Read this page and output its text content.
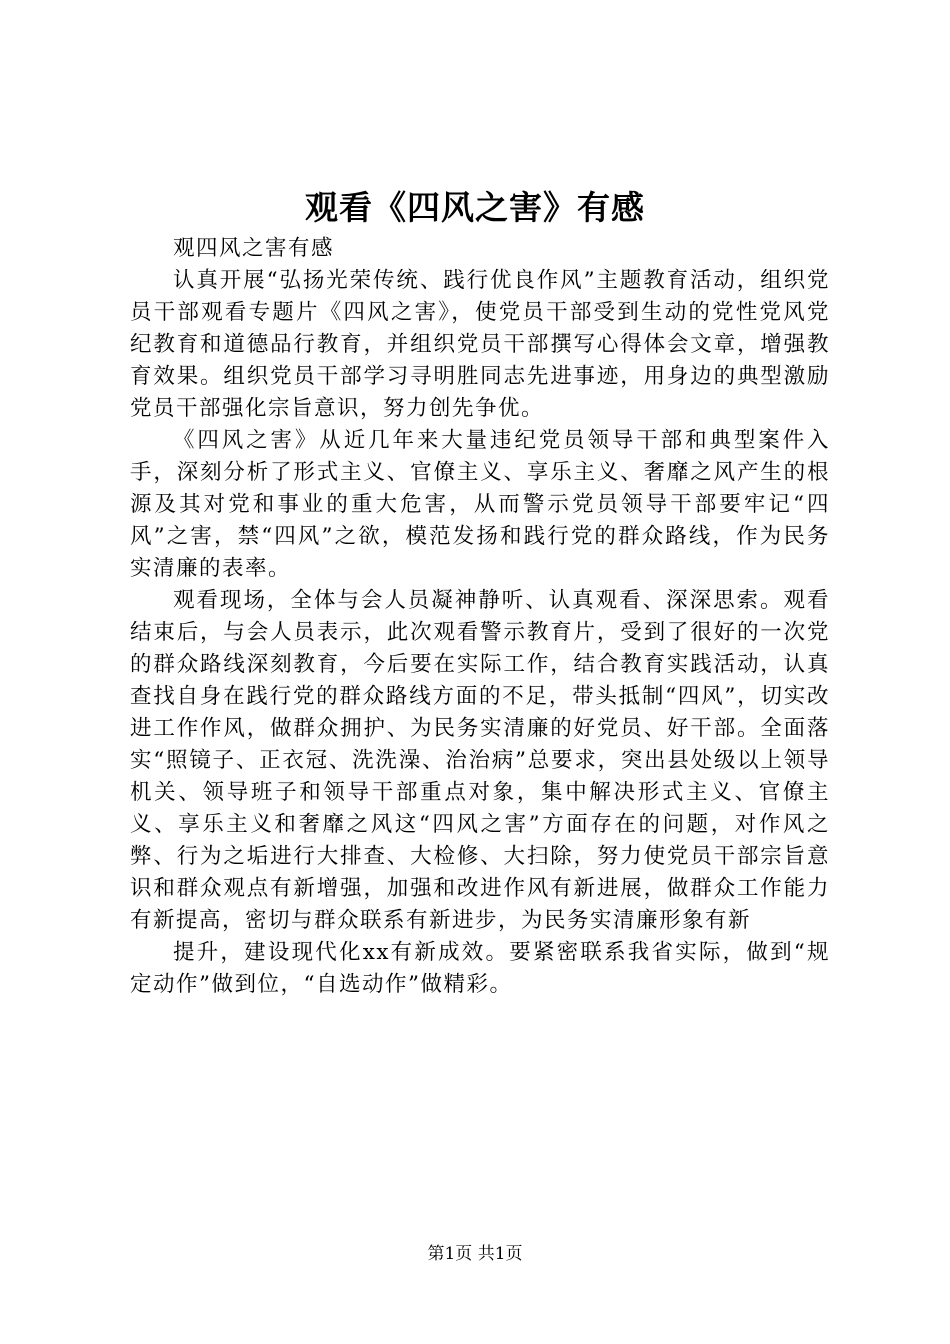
观看《四风之害》有感

观四风之害有感

认真开展“弘扬光荣传统、践行优良作风”主题教育活动，组织党员干部观看专题片《四风之害》，使党员干部受到生动的党性党风党纪教育和道德品行教育，并组织党员干部撰写心得体会文章，增强教育效果。组织党员干部学习寻明胜同志先进事迹，用身边的典型激励党员干部强化宗旨意识，努力创先争优。

《四风之害》从近几年来大量违纪党员领导干部和典型案件入手，深刻分析了形式主义、官僚主义、享乐主义、奢靡之风产生的根源及其对党和事业的重大危害，从而警示党员领导干部要牢记“四风”之害，禁“四风”之欲，模范发扬和践行党的群众路线，作为民务实清廉的表率。

观看现场，全体与会人员凝神静听、认真观看、深深思索。观看结束后，与会人员表示，此次观看警示教育片，受到了很好的一次党的群众路线深刻教育，今后要在实际工作，结合教育实践活动，认真查找自身在践行党的群众路线方面的不足，带头抵制“四风”，切实改进工作作风，做群众拥护、为民务实清廉的好党员、好干部。全面落实“照镜子、正衣冠、洗洗澡、治治病”总要求，突出县处级以上领导机关、领导班子和领导干部重点对象，集中解决形式主义、官僚主义、享乐主义和奢靡之风这“四风之害”方面存在的问题，对作风之弊、行为之垢进行大排查、大检修、大扫除，努力使党员干部宗旨意识和群众观点有新增强，加强和改进作风有新进展，做群众工作能力有新提高，密切与群众联系有新进步，为民务实清廉形象有新

提升，建设现代化xx有新成效。要紧密联系我省实际，做到“规定动作”做到位，“自选动作”做精彩。

第1页 共1页
